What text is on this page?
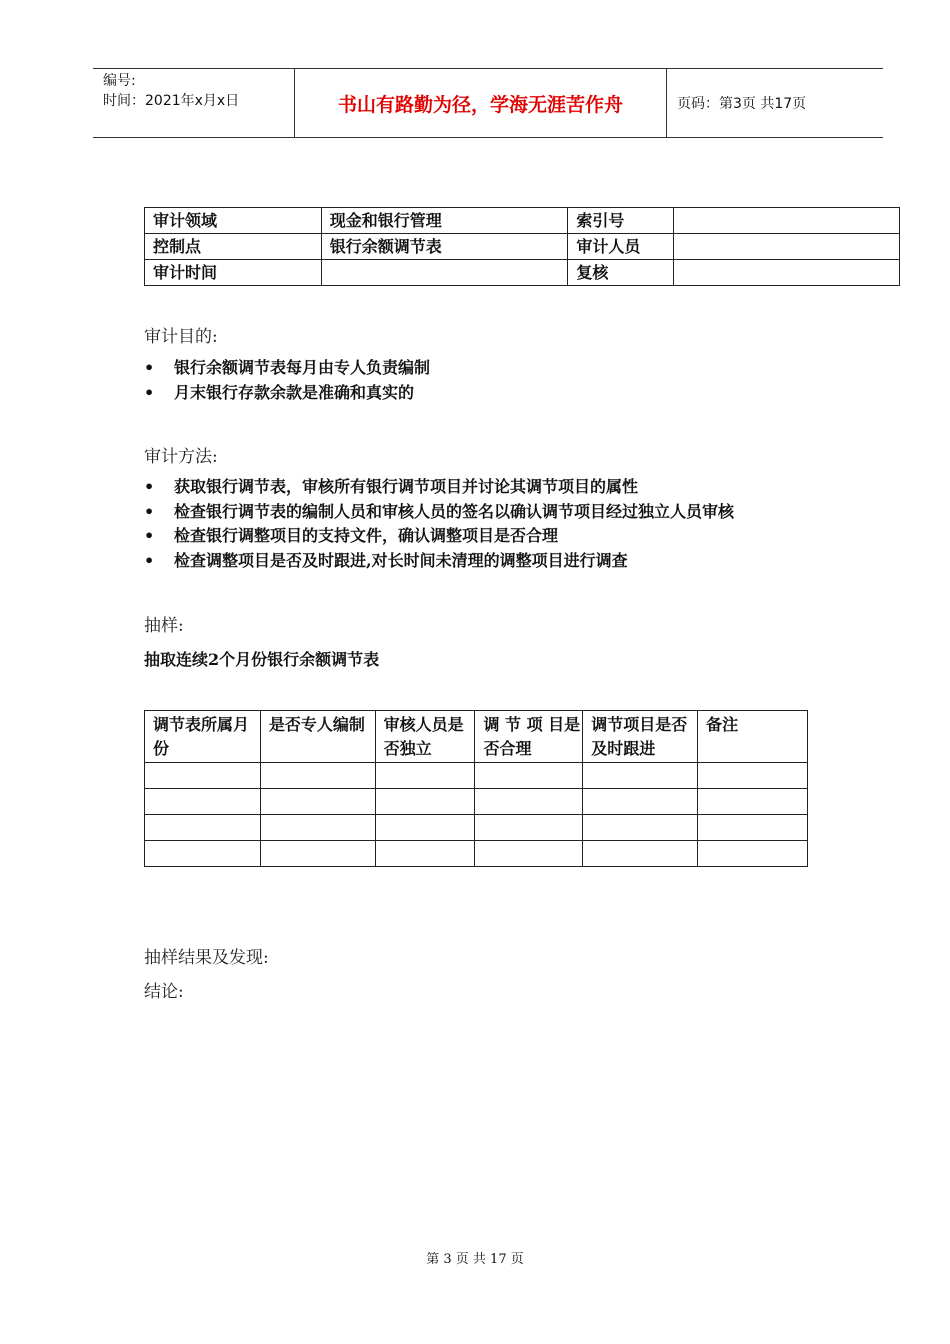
编号:
时间：2021年x月x日	书山有路勤为径，学海无涯苦作舟	页码：第3页 共17页
审计领域	现金和银行管理	索引号	
控制点	银行余额调节表	审计人员	
审计时间		复核	
审计目的:
• 银行余额调节表每月由专人负责编制
• 月末银行存款余款是准确和真实的
审计方法:
• 获取银行调节表，审核所有银行调节项目并讨论其调节项目的属性
• 检查银行调节表的编制人员和审核人员的签名以确认调节项目经过独立人员审核
• 检查银行调整项目的支持文件，确认调整项目是否合理
• 检查调整项目是否及时跟进,对长时间未清理的调整项目进行调查
抽样:
抽取连续2个月份银行余额调节表
调节表所属月份	是否专人编制	审核人员是否独立	调 节 项 目是否合理	调节项目是否及时跟进	备注

抽样结果及发现:
结论:
第 3 页 共 17 页
